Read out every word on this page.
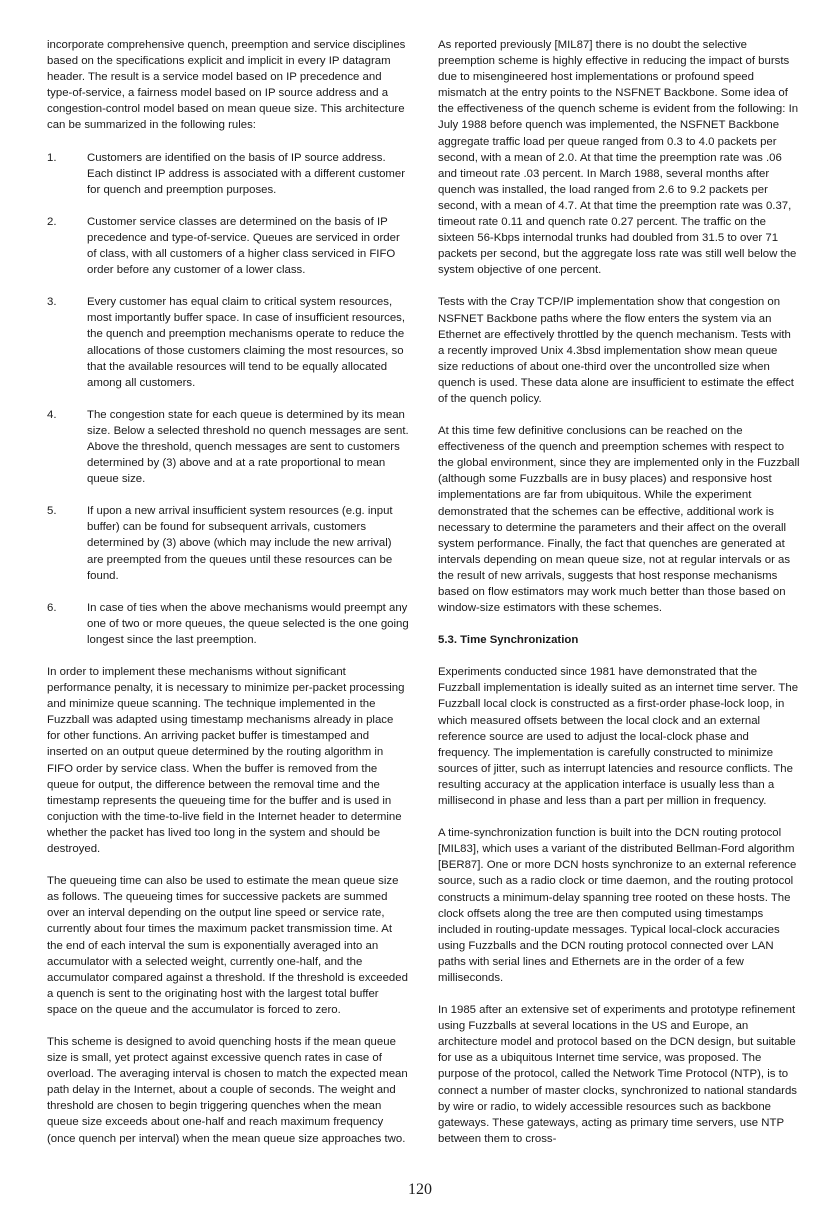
incorporate comprehensive quench, preemption and service disciplines based on the specifications explicit and implicit in every IP datagram header. The result is a service model based on IP precedence and type-of-service, a fairness model based on IP source address and a congestion-control model based on mean queue size. This architecture can be summarized in the following rules:

1.	Customers are identified on the basis of IP source address. Each distinct IP address is associated with a different customer for quench and preemption purposes.
2.	Customer service classes are determined on the basis of IP precedence and type-of-service. Queues are serviced in order of class, with all customers of a higher class serviced in FIFO order before any customer of a lower class.
3.	Every customer has equal claim to critical system resources, most importantly buffer space. In case of insufficient resources, the quench and preemption mechanisms operate to reduce the allocations of those customers claiming the most resources, so that the available resources will tend to be equally allocated among all customers.
4.	The congestion state for each queue is determined by its mean size. Below a selected threshold no quench messages are sent. Above the threshold, quench messages are sent to customers determined by (3) above and at a rate proportional to mean queue size.
5.	If upon a new arrival insufficient system resources (e.g. input buffer) can be found for subsequent arrivals, customers determined by (3) above (which may include the new arrival) are preempted from the queues until these resources can be found.
6.	In case of ties when the above mechanisms would preempt any one of two or more queues, the queue selected is the one going longest since the last preemption.

In order to implement these mechanisms without significant performance penalty, it is necessary to minimize per-packet processing and minimize queue scanning. The technique implemented in the Fuzzball was adapted using timestamp mechanisms already in place for other functions. An arriving packet buffer is timestamped and inserted on an output queue determined by the routing algorithm in FIFO order by service class. When the buffer is removed from the queue for output, the difference between the removal time and the timestamp represents the queueing time for the buffer and is used in conjuction with the time-to-live field in the Internet header to determine whether the packet has lived too long in the system and should be destroyed.

The queueing time can also be used to estimate the mean queue size as follows. The queueing times for successive packets are summed over an interval depending on the output line speed or service rate, currently about four times the maximum packet transmission time. At the end of each interval the sum is exponentially averaged into an accumulator with a selected weight, currently one-half, and the accumulator compared against a threshold. If the threshold is exceeded a quench is sent to the originating host with the largest total buffer space on the queue and the accumulator is forced to zero.

This scheme is designed to avoid quenching hosts if the mean queue size is small, yet protect against excessive quench rates in case of overload. The averaging interval is chosen to match the expected mean path delay in the Internet, about a couple of seconds. The weight and threshold are chosen to begin triggering quenches when the mean queue size exceeds about one-half and reach maximum frequency (once quench per interval) when the mean queue size approaches two.

As reported previously [MIL87] there is no doubt the selective preemption scheme is highly effective in reducing the impact of bursts due to misengineered host implementations or profound speed mismatch at the entry points to the NSFNET Backbone. Some idea of the effectiveness of the quench scheme is evident from the following: In July 1988 before quench was implemented, the NSFNET Backbone aggregate traffic load per queue ranged from 0.3 to 4.0 packets per second, with a mean of 2.0. At that time the preemption rate was .06 and timeout rate .03 percent. In March 1988, several months after quench was installed, the load ranged from 2.6 to 9.2 packets per second, with a mean of 4.7. At that time the preemption rate was 0.37, timeout rate 0.11 and quench rate 0.27 percent. The traffic on the sixteen 56-Kbps internodal trunks had doubled from 31.5 to over 71 packets per second, but the aggregate loss rate was still well below the system objective of one percent.

Tests with the Cray TCP/IP implementation show that congestion on NSFNET Backbone paths where the flow enters the system via an Ethernet are effectively throttled by the quench mechanism. Tests with a recently improved Unix 4.3bsd implementation show mean queue size reductions of about one-third over the uncontrolled size when quench is used. These data alone are insufficient to estimate the effect of the quench policy.

At this time few definitive conclusions can be reached on the effectiveness of the quench and preemption schemes with respect to the global environment, since they are implemented only in the Fuzzball (although some Fuzzballs are in busy places) and responsive host implementations are far from ubiquitous. While the experiment demonstrated that the schemes can be effective, additional work is necessary to determine the parameters and their affect on the overall system performance. Finally, the fact that quenches are generated at intervals depending on mean queue size, not at regular intervals or as the result of new arrivals, suggests that host response mechanisms based on flow estimators may work much better than those based on window-size estimators with these schemes.

5.3. Time Synchronization

Experiments conducted since 1981 have demonstrated that the Fuzzball implementation is ideally suited as an internet time server. The Fuzzball local clock is constructed as a first-order phase-lock loop, in which measured offsets between the local clock and an external reference source are used to adjust the local-clock phase and frequency. The implementation is carefully constructed to minimize sources of jitter, such as interrupt latencies and resource conflicts. The resulting accuracy at the application interface is usually less than a millisecond in phase and less than a part per million in frequency.

A time-synchronization function is built into the DCN routing protocol [MIL83], which uses a variant of the distributed Bellman-Ford algorithm [BER87]. One or more DCN hosts synchronize to an external reference source, such as a radio clock or time daemon, and the routing protocol constructs a minimum-delay spanning tree rooted on these hosts. The clock offsets along the tree are then computed using timestamps included in routing-update messages. Typical local-clock accuracies using Fuzzballs and the DCN routing protocol connected over LAN paths with serial lines and Ethernets are in the order of a few milliseconds.

In 1985 after an extensive set of experiments and prototype refinement using Fuzzballs at several locations in the US and Europe, an architecture model and protocol based on the DCN design, but suitable for use as a ubiquitous Internet time service, was proposed. The purpose of the protocol, called the Network Time Protocol (NTP), is to connect a number of master clocks, synchronized to national standards by wire or radio, to widely accessible resources such as backbone gateways. These gateways, acting as primary time servers, use NTP between them to cross-

120
